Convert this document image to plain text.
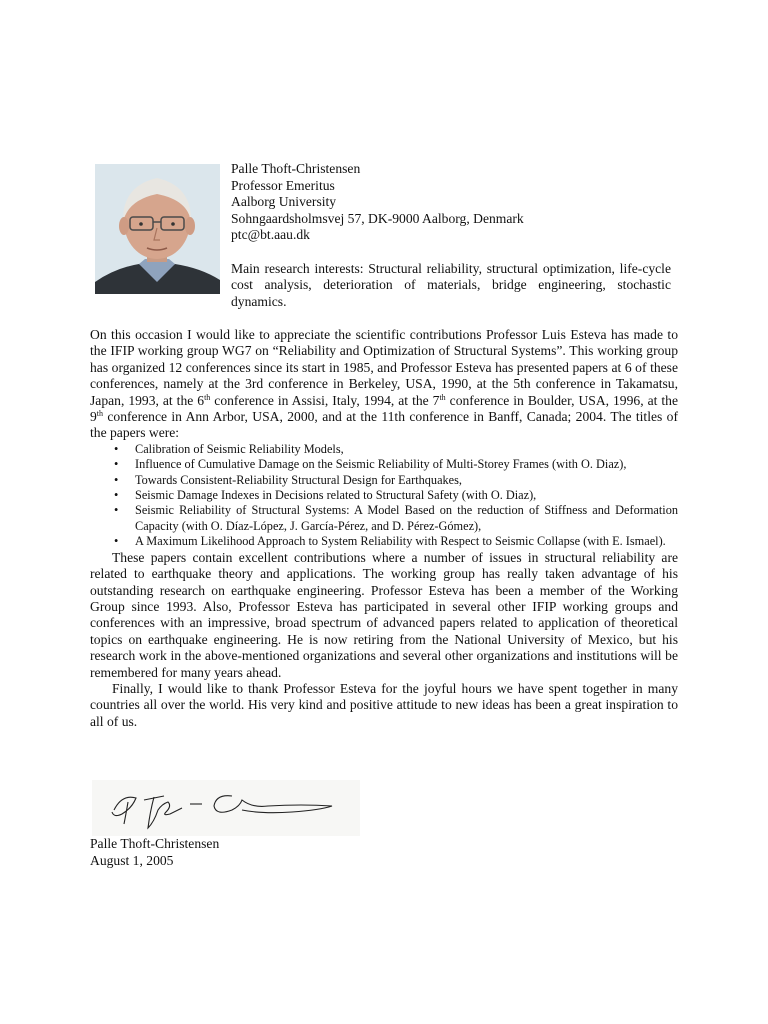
Palle Thoft-Christensen
Professor Emeritus
Aalborg University
Sohngaardsholmsvej 57, DK-9000 Aalborg, Denmark
ptc@bt.aau.dk
Main research interests: Structural reliability, structural optimization, life-cycle cost analysis, deterioration of materials, bridge engineering, stochastic dynamics.

On this occasion I would like to appreciate the scientific contributions Professor Luis Esteva has made to the IFIP working group WG7 on “Reliability and Optimization of Structural Systems”. This working group has organized 12 conferences since its start in 1985, and Professor Esteva has presented papers at 6 of these conferences, namely at the 3rd conference in Berkeley, USA, 1990, at the 5th conference in Takamatsu, Japan, 1993, at the 6th conference in Assisi, Italy, 1994, at the 7th conference in Boulder, USA, 1996, at the 9th conference in Ann Arbor, USA, 2000, and at the 11th conference in Banff, Canada; 2004. The titles of the papers were:

• Calibration of Seismic Reliability Models,
• Influence of Cumulative Damage on the Seismic Reliability of Multi-Storey Frames (with O. Diaz),
• Towards Consistent-Reliability Structural Design for Earthquakes,
• Seismic Damage Indexes in Decisions related to Structural Safety (with O. Diaz),
• Seismic Reliability of Structural Systems: A Model Based on the reduction of Stiffness and Deformation Capacity (with O. Díaz-López, J. García-Pérez, and D. Pérez-Gómez),
• A Maximum Likelihood Approach to System Reliability with Respect to Seismic Collapse (with E. Ismael).

These papers contain excellent contributions where a number of issues in structural reliability are related to earthquake theory and applications. The working group has really taken advantage of his outstanding research on earthquake engineering. Professor Esteva has been a member of the Working Group since 1993. Also, Professor Esteva has participated in several other IFIP working groups and conferences with an impressive, broad spectrum of advanced papers related to application of theoretical topics on earthquake engineering. He is now retiring from the National University of Mexico, but his research work in the above-mentioned organizations and several other organizations and institutions will be remembered for many years ahead.

Finally, I would like to thank Professor Esteva for the joyful hours we have spent together in many countries all over the world. His very kind and positive attitude to new ideas has been a great inspiration to all of us.

Palle Thoft-Christensen
August 1, 2005
